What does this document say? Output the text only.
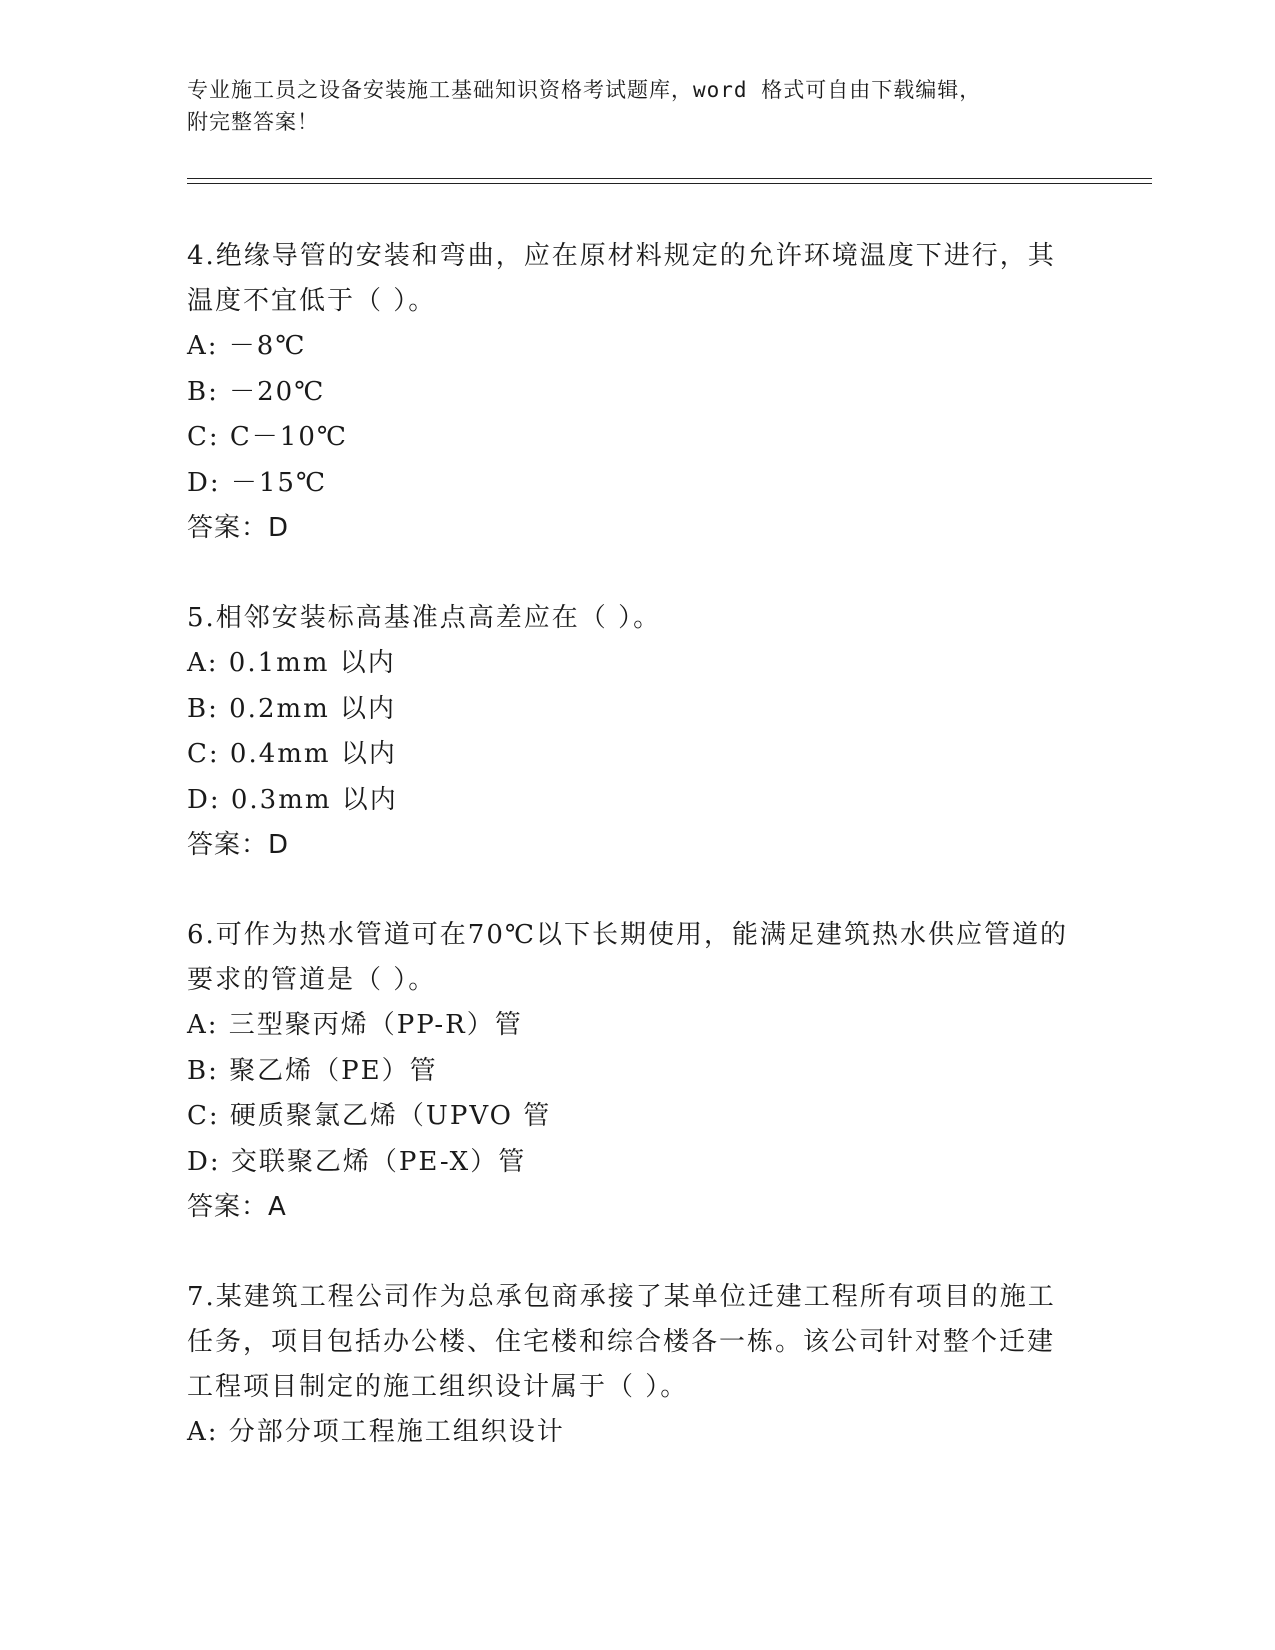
专业施工员之设备安装施工基础知识资格考试题库，word 格式可自由下载编辑，
附完整答案！
4.绝缘导管的安装和弯曲，应在原材料规定的允许环境温度下进行，其温度不宜低于（ ）。
A: －8℃
B: －20℃
C: C－10℃
D: －15℃
答案：D
5.相邻安装标高基准点高差应在（ ）。
A: 0.1mm 以内
B: 0.2mm 以内
C: 0.4mm 以内
D: 0.3mm 以内
答案：D
6.可作为热水管道可在70℃以下长期使用，能满足建筑热水供应管道的要求的管道是（ ）。
A: 三型聚丙烯（PP-R）管
B: 聚乙烯（PE）管
C: 硬质聚氯乙烯（UPVO 管
D: 交联聚乙烯（PE-X）管
答案：A
7.某建筑工程公司作为总承包商承接了某单位迁建工程所有项目的施工任务，项目包括办公楼、住宅楼和综合楼各一栋。该公司针对整个迁建工程项目制定的施工组织设计属于（ ）。
A: 分部分项工程施工组织设计
